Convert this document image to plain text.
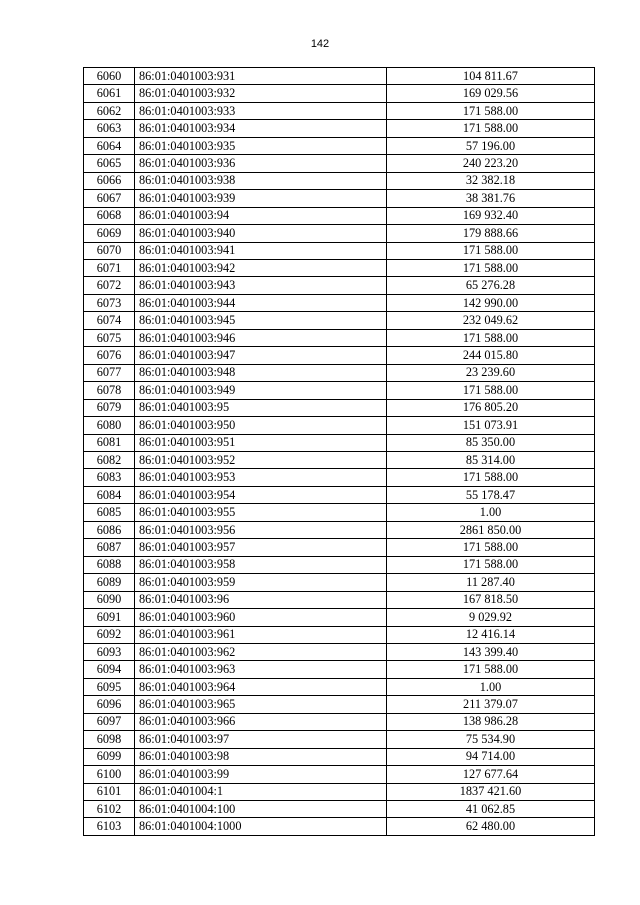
142
6060	86:01:0401003:931	104 811.67
6061	86:01:0401003:932	169 029.56
6062	86:01:0401003:933	171 588.00
6063	86:01:0401003:934	171 588.00
6064	86:01:0401003:935	57 196.00
6065	86:01:0401003:936	240 223.20
6066	86:01:0401003:938	32 382.18
6067	86:01:0401003:939	38 381.76
6068	86:01:0401003:94	169 932.40
6069	86:01:0401003:940	179 888.66
6070	86:01:0401003:941	171 588.00
6071	86:01:0401003:942	171 588.00
6072	86:01:0401003:943	65 276.28
6073	86:01:0401003:944	142 990.00
6074	86:01:0401003:945	232 049.62
6075	86:01:0401003:946	171 588.00
6076	86:01:0401003:947	244 015.80
6077	86:01:0401003:948	23 239.60
6078	86:01:0401003:949	171 588.00
6079	86:01:0401003:95	176 805.20
6080	86:01:0401003:950	151 073.91
6081	86:01:0401003:951	85 350.00
6082	86:01:0401003:952	85 314.00
6083	86:01:0401003:953	171 588.00
6084	86:01:0401003:954	55 178.47
6085	86:01:0401003:955	1.00
6086	86:01:0401003:956	2861 850.00
6087	86:01:0401003:957	171 588.00
6088	86:01:0401003:958	171 588.00
6089	86:01:0401003:959	11 287.40
6090	86:01:0401003:96	167 818.50
6091	86:01:0401003:960	9 029.92
6092	86:01:0401003:961	12 416.14
6093	86:01:0401003:962	143 399.40
6094	86:01:0401003:963	171 588.00
6095	86:01:0401003:964	1.00
6096	86:01:0401003:965	211 379.07
6097	86:01:0401003:966	138 986.28
6098	86:01:0401003:97	75 534.90
6099	86:01:0401003:98	94 714.00
6100	86:01:0401003:99	127 677.64
6101	86:01:0401004:1	1837 421.60
6102	86:01:0401004:100	41 062.85
6103	86:01:0401004:1000	62 480.00
